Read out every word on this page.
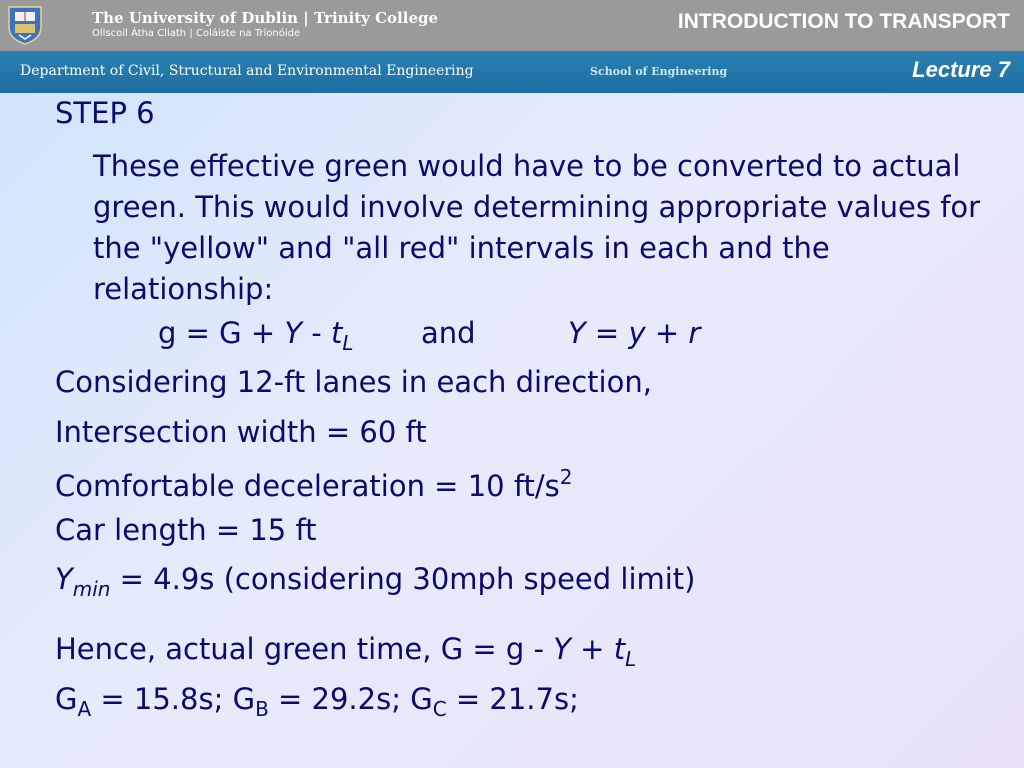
The University of Dublin | Trinity College
Ollscoil Átha Cliath | Coláiste na Tríonóide
INTRODUCTION TO TRANSPORT
Department of Civil, Structural and Environmental Engineering	School of Engineering	Lecture 7
STEP 6
These effective green would have to be converted to actual green. This would involve determining appropriate values for the "yellow" and "all red" intervals in each and the relationship:
$g = G + Y - t_L$ and	Y = y + r
Considering 12-ft lanes in each direction,
Intersection width = 60 ft
Comfortable deceleration = 10 $ft/s^2$
Car length = 15 ft
$Y_{min} = 4.9s$ (considering 30mph speed limit)
Hence, actual green time, $G = g - Y + t_L$
$G_A = 15.8s$; $G_B = 29.2s$; $G_C = 21.7s$;
